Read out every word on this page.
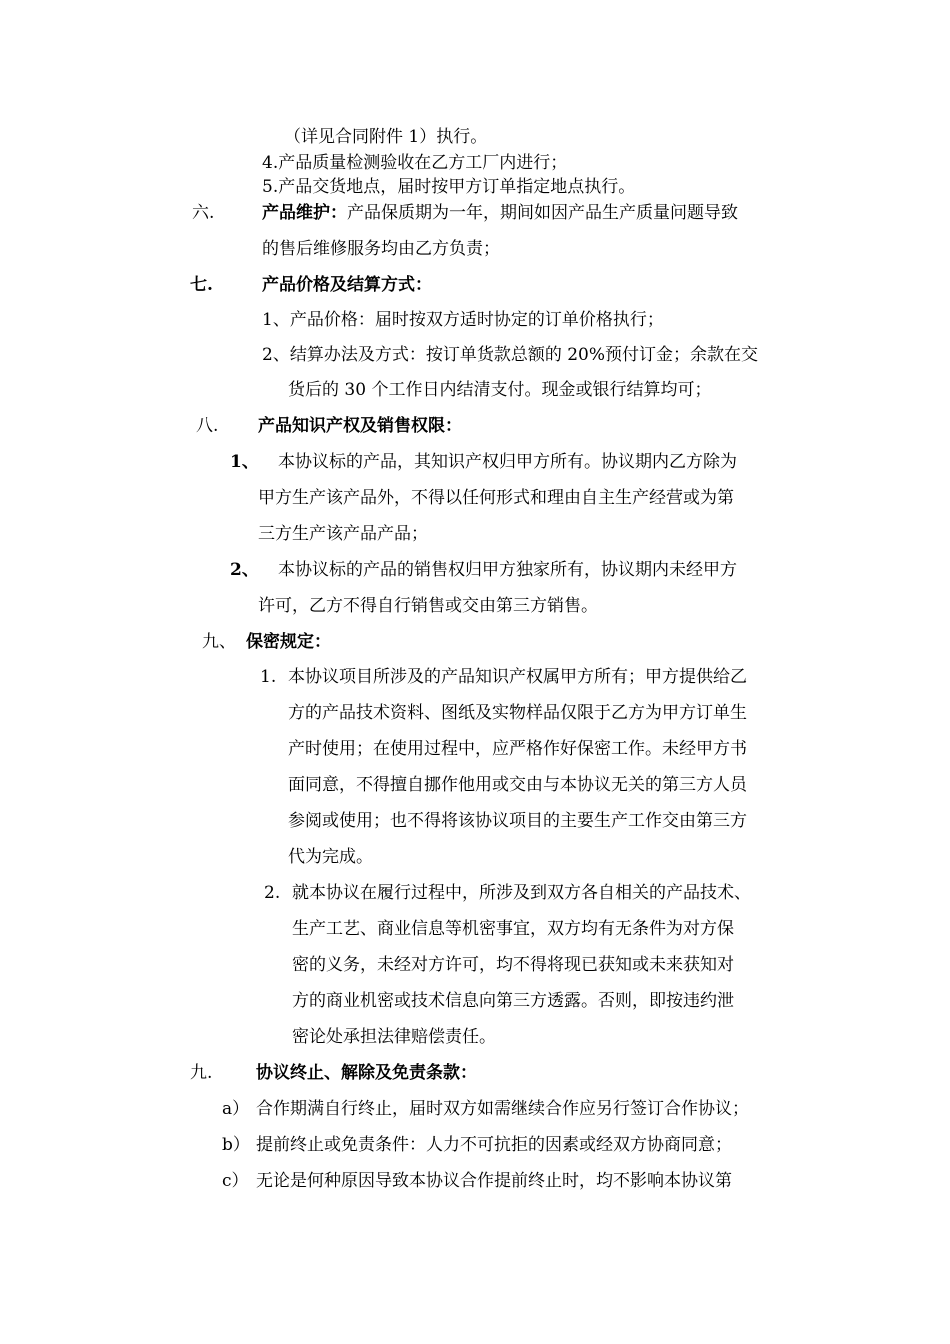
（详见合同附件 1）执行。
4.产品质量检测验收在乙方工厂内进行；
5.产品交货地点，届时按甲方订单指定地点执行。
六.	产品维护：产品保质期为一年，期间如因产品生产质量问题导致
的售后维修服务均由乙方负责；
七.	产品价格及结算方式：
1、产品价格：届时按双方适时协定的订单价格执行；
2、结算办法及方式：按订单货款总额的 20%预付订金；余款在交
货后的 30 个工作日内结清支付。现金或银行结算均可；
八. 产品知识产权及销售权限：
1、 本协议标的产品，其知识产权归甲方所有。协议期内乙方除为
甲方生产该产品外，不得以任何形式和理由自主生产经营或为第
三方生产该产品产品；
2、 本协议标的产品的销售权归甲方独家所有，协议期内未经甲方
许可，乙方不得自行销售或交由第三方销售。
九、 保密规定：
1. 本协议项目所涉及的产品知识产权属甲方所有；甲方提供给乙
方的产品技术资料、图纸及实物样品仅限于乙方为甲方订单生
产时使用；在使用过程中，应严格作好保密工作。未经甲方书
面同意，不得擅自挪作他用或交由与本协议无关的第三方人员
参阅或使用；也不得将该协议项目的主要生产工作交由第三方
代为完成。
2. 就本协议在履行过程中，所涉及到双方各自相关的产品技术、
生产工艺、商业信息等机密事宜，双方均有无条件为对方保
密的义务，未经对方许可，均不得将现已获知或未来获知对
方的商业机密或技术信息向第三方透露。否则，即按违约泄
密论处承担法律赔偿责任。
九.	协议终止、解除及免责条款：
a） 合作期满自行终止，届时双方如需继续合作应另行签订合作协议；
b） 提前终止或免责条件：人力不可抗拒的因素或经双方协商同意；
c） 无论是何种原因导致本协议合作提前终止时，均不影响本协议第
